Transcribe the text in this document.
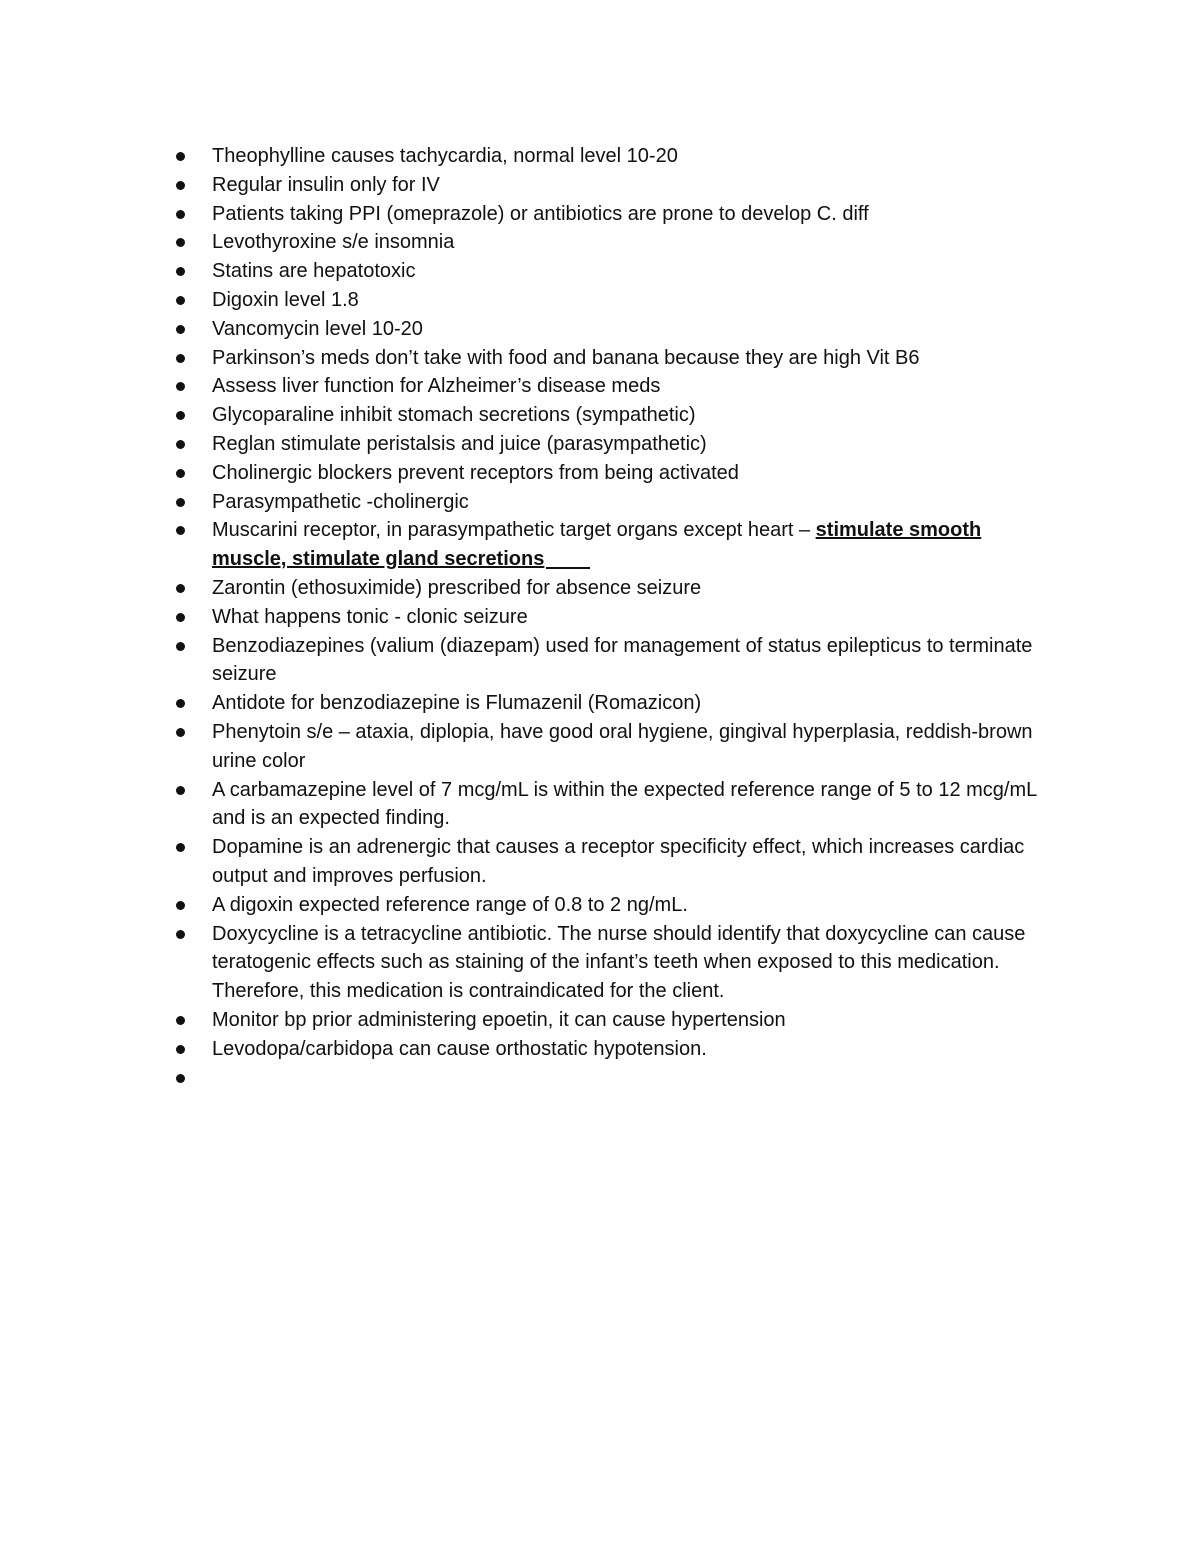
Theophylline causes tachycardia, normal level 10-20
Regular insulin only for IV
Patients taking PPI (omeprazole) or antibiotics are prone to develop C. diff
Levothyroxine s/e insomnia
Statins are hepatotoxic
Digoxin level 1.8
Vancomycin level 10-20
Parkinson’s meds don’t take with food and banana because they are high Vit B6
Assess liver function for Alzheimer’s disease meds
Glycoparaline inhibit stomach secretions (sympathetic)
Reglan stimulate peristalsis and juice (parasympathetic)
Cholinergic blockers prevent receptors from being activated
Parasympathetic -cholinergic
Muscarini receptor, in parasympathetic target organs except heart – stimulate smooth muscle, stimulate gland secretions
Zarontin (ethosuximide) prescribed for absence seizure
What happens tonic - clonic seizure
Benzodiazepines (valium (diazepam) used for management of status epilepticus to terminate seizure
Antidote for benzodiazepine is Flumazenil (Romazicon)
Phenytoin s/e – ataxia, diplopia, have good oral hygiene, gingival hyperplasia, reddish-brown urine color
A carbamazepine level of 7 mcg/mL is within the expected reference range of 5 to 12 mcg/mL and is an expected finding.
Dopamine is an adrenergic that causes a receptor specificity effect, which increases cardiac output and improves perfusion.
A digoxin expected reference range of 0.8 to 2 ng/mL.
Doxycycline is a tetracycline antibiotic. The nurse should identify that doxycycline can cause teratogenic effects such as staining of the infant’s teeth when exposed to this medication. Therefore, this medication is contraindicated for the client.
Monitor bp prior administering epoetin, it can cause hypertension
Levodopa/carbidopa can cause orthostatic hypotension.
